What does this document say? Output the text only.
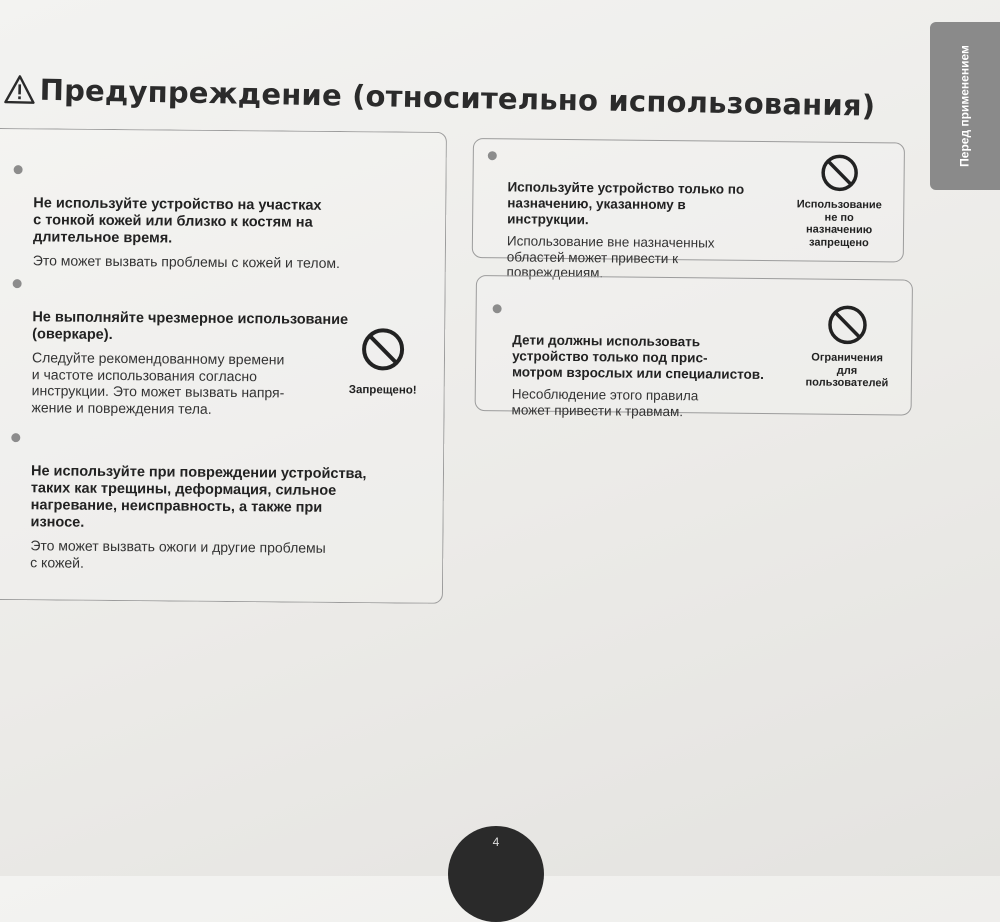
Предупреждение (относительно использования)	Перед применением

Не используйте устройство на участках
с тонкой кожей или близко к костям на
длительное время.

Это может вызвать проблемы с кожей и телом.

Не выполняйте чрезмерное использование
(оверкаре).

Следуйте рекомендованному времени
и частоте использования согласно
инструкции. Это может вызвать напря-
жение и повреждения тела.
Запрещено!

Не используйте при повреждении устройства,
таких как трещины, деформация, сильное
нагревание, неисправность, а также при
износе.

Это может вызвать ожоги и другие проблемы
с кожей.

Используйте устройство только по
назначению, указанному в
инструкции.

Использование вне назначенных
областей может привести к
повреждениям.
Использование
не по
назначению
запрещено

Дети должны использовать
устройство только под прис-
мотром взрослых или специалистов.

Несоблюдение этого правила
может привести к травмам.
Ограничения
для
пользователей
4
